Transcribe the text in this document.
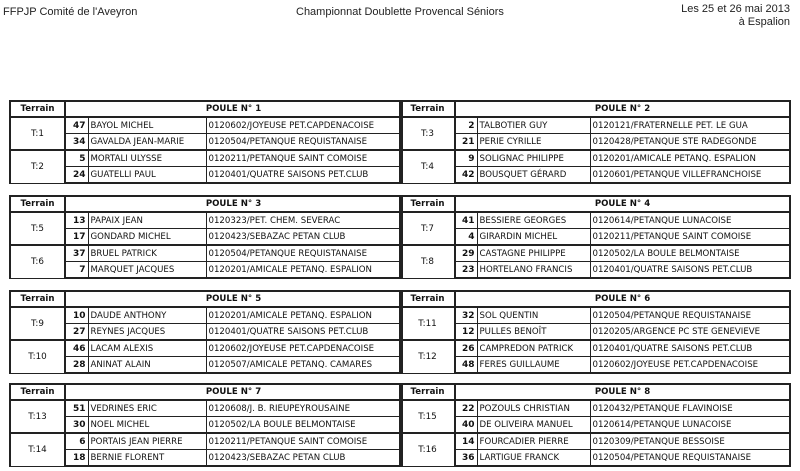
FFPJP Comité de l'Aveyron	Championnat Doublette Provencal Séniors	Les 25 et 26 mai 2013
à Espalion
Terrain	POULE N° 1		
T:1	47	BAYOL MICHEL	0120602/JOYEUSE PET.CAPDENACOISE
	34	GAVALDA JEAN-MARIE	0120504/PETANQUE REQUISTANAISE
T:2	5	MORTALI ULYSSE	0120211/PETANQUE SAINT COMOISE
	24	GUATELLI PAUL	0120401/QUATRE SAISONS PET.CLUB
Terrain	POULE N° 2		
T:3	2	TALBOTIER GUY	0120121/FRATERNELLE PET. LE GUA
	21	PERIE CYRILLE	0120428/PETANQUE STE RADEGONDE
T:4	9	SOLIGNAC PHILIPPE	0120201/AMICALE PETANQ. ESPALION
	42	BOUSQUET GÉRARD	0120601/PETANQUE VILLEFRANCHOISE
Terrain	POULE N° 3		
T:5	13	PAPAIX JEAN	0120323/PET. CHEM. SEVERAC
	17	GONDARD MICHEL	0120423/SEBAZAC PETAN CLUB
T:6	37	BRUEL PATRICK	0120504/PETANQUE REQUISTANAISE
	7	MARQUET JACQUES	0120201/AMICALE PETANQ. ESPALION
Terrain	POULE N° 4		
T:7	41	BESSIERE GEORGES	0120614/PETANQUE LUNACOISE
	4	GIRARDIN MICHEL	0120211/PETANQUE SAINT COMOISE
T:8	29	CASTAGNE PHILIPPE	0120502/LA BOULE BELMONTAISE
	23	HORTELANO FRANCIS	0120401/QUATRE SAISONS PET.CLUB
Terrain	POULE N° 5		
T:9	10	DAUDE ANTHONY	0120201/AMICALE PETANQ. ESPALION
	27	REYNES JACQUES	0120401/QUATRE SAISONS PET.CLUB
T:10	46	LACAM ALEXIS	0120602/JOYEUSE PET.CAPDENACOISE
	28	ANINAT ALAIN	0120507/AMICALE PETANQ. CAMARES
Terrain	POULE N° 6		
T:11	32	SOL QUENTIN	0120504/PETANQUE REQUISTANAISE
	12	PULLES BENOÎT	0120205/ARGENCE PC STE GENEVIEVE
T:12	26	CAMPREDON PATRICK	0120401/QUATRE SAISONS PET.CLUB
	48	FERES GUILLAUME	0120602/JOYEUSE PET.CAPDENACOISE
Terrain	POULE N° 7		
T:13	51	VEDRINES ERIC	0120608/J. B. RIEUPEYROUSAINE
	30	NOEL MICHEL	0120502/LA BOULE BELMONTAISE
T:14	6	PORTAIS JEAN PIERRE	0120211/PETANQUE SAINT COMOISE
	18	BERNIE FLORENT	0120423/SEBAZAC PETAN CLUB
Terrain	POULE N° 8		
T:15	22	POZOULS CHRISTIAN	0120432/PETANQUE FLAVINOISE
	40	DE OLIVEIRA MANUEL	0120614/PETANQUE LUNACOISE
T:16	14	FOURCADIER PIERRE	0120309/PETANQUE BESSOISE
	36	LARTIGUE FRANCK	0120504/PETANQUE REQUISTANAISE
